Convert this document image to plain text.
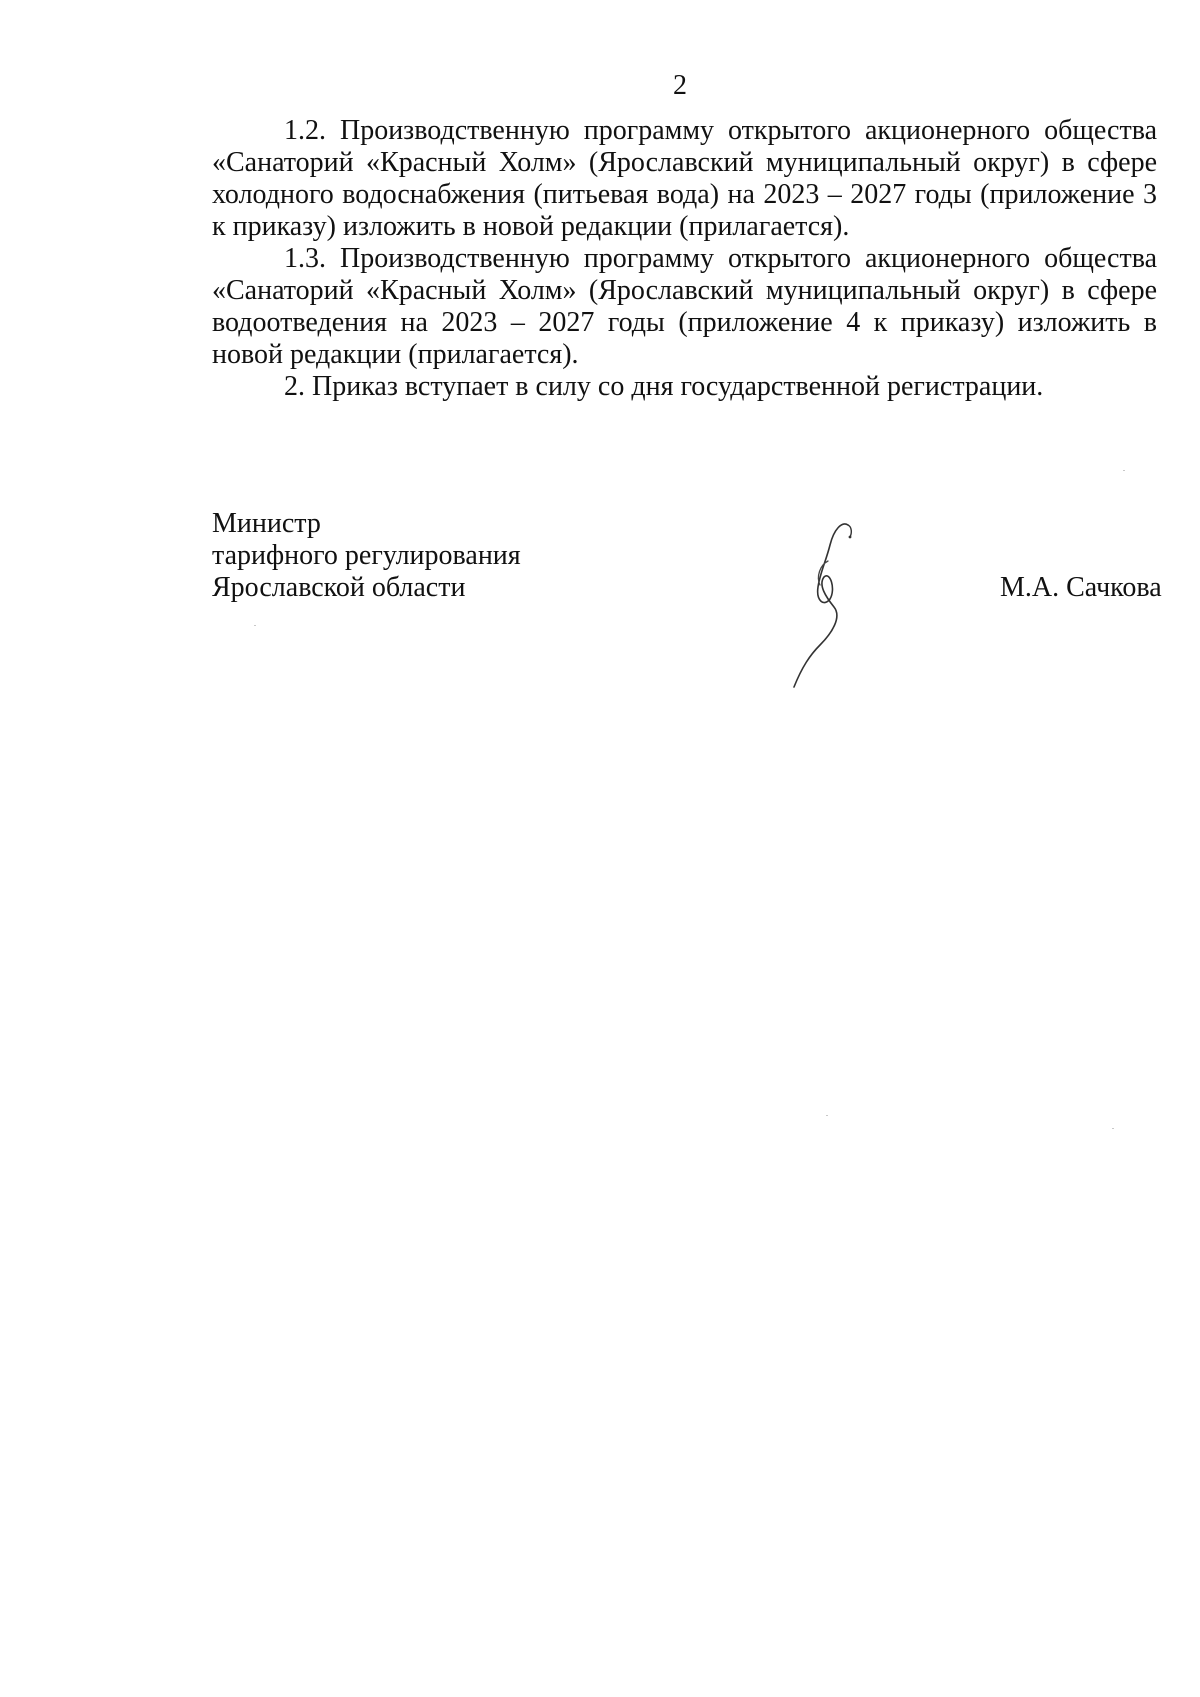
2

1.2. Производственную программу открытого акционерного общества «Санаторий «Красный Холм» (Ярославский муниципальный округ) в сфере холодного водоснабжения (питьевая вода) на 2023 – 2027 годы (приложение 3 к приказу) изложить в новой редакции (прилагается).

1.3. Производственную программу открытого акционерного общества «Санаторий «Красный Холм» (Ярославский муниципальный округ) в сфере водоотведения на 2023 – 2027 годы (приложение 4 к приказу) изложить в новой редакции (прилагается).

2. Приказ вступает в силу со дня государственной регистрации.

Министр
тарифного регулирования
Ярославской области	М.А. Сачкова
